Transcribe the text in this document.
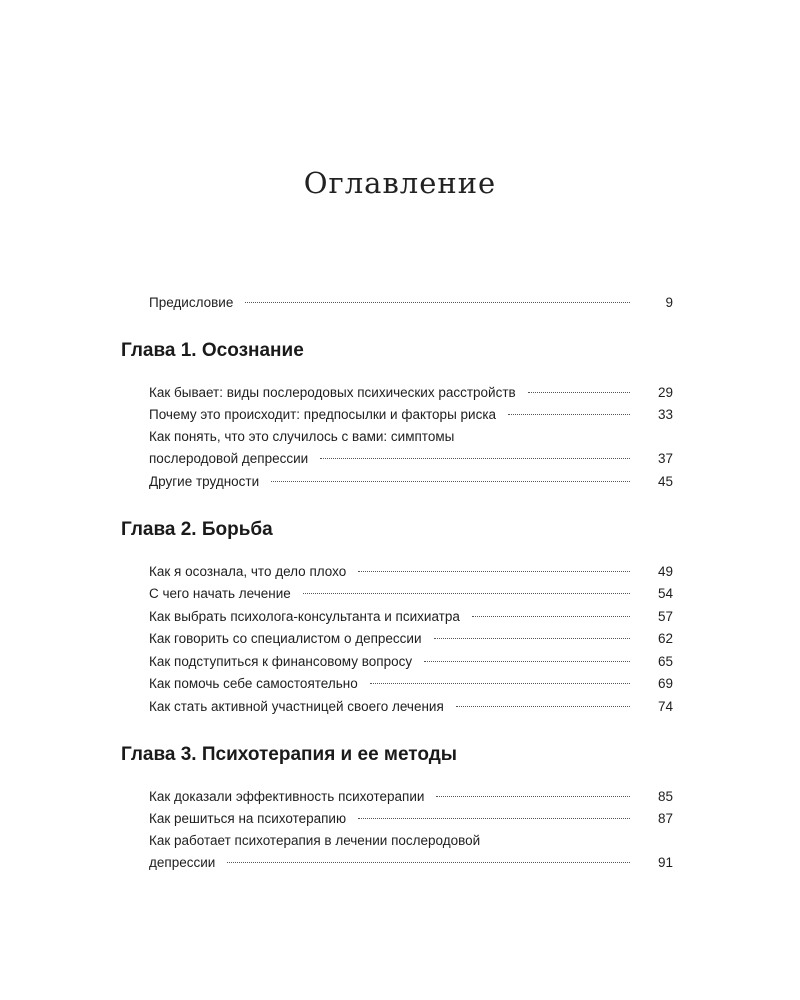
Оглавление
Предисловие	9
Глава 1. Осознание
Как бывает: виды послеродовых психических расстройств	29
Почему это происходит: предпосылки и факторы риска	33
Как понять, что это случилось с вами: симптомы
послеродовой депрессии	37
Другие трудности	45
Глава 2. Борьба
Как я осознала, что дело плохо	49
С чего начать лечение	54
Как выбрать психолога-консультанта и психиатра	57
Как говорить со специалистом о депрессии	62
Как подступиться к финансовому вопросу	65
Как помочь себе самостоятельно	69
Как стать активной участницей своего лечения	74
Глава 3. Психотерапия и ее методы
Как доказали эффективность психотерапии	85
Как решиться на психотерапию	87
Как работает психотерапия в лечении послеродовой
депрессии	91
